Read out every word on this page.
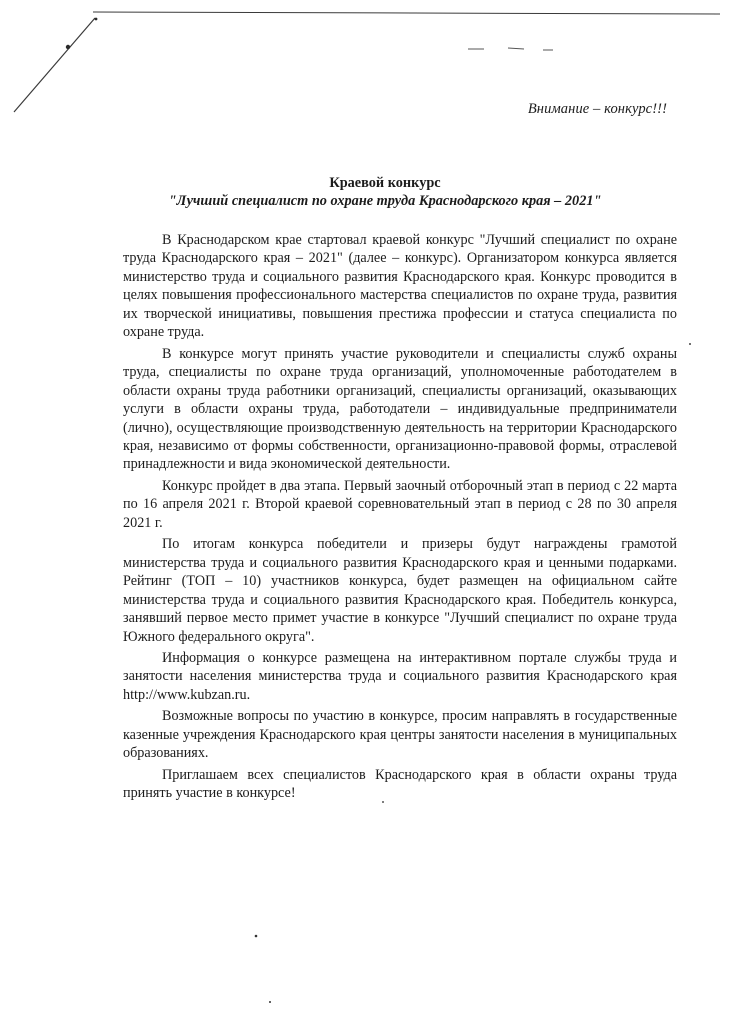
Внимание – конкурс!!!
Краевой конкурс
"Лучший специалист по охране труда Краснодарского края – 2021"

В Краснодарском крае стартовал краевой конкурс "Лучший специалист по охране труда Краснодарского края – 2021" (далее – конкурс). Организатором конкурса является министерство труда и социального развития Краснодарского края. Конкурс проводится в целях повышения профессионального мастерства специалистов по охране труда, развития их творческой инициативы, повышения престижа профессии и статуса специалиста по охране труда.

В конкурсе могут принять участие руководители и специалисты служб охраны труда, специалисты по охране труда организаций, уполномоченные работодателем в области охраны труда работники организаций, специалисты организаций, оказывающих услуги в области охраны труда, работодатели – индивидуальные предприниматели (лично), осуществляющие производственную деятельность на территории Краснодарского края, независимо от формы собственности, организационно-правовой формы, отраслевой принадлежности и вида экономической деятельности.

Конкурс пройдет в два этапа. Первый заочный отборочный этап в период с 22 марта по 16 апреля 2021 г. Второй краевой соревновательный этап в период с 28 по 30 апреля 2021 г.

По итогам конкурса победители и призеры будут награждены грамотой министерства труда и социального развития Краснодарского края и ценными подарками. Рейтинг (ТОП – 10) участников конкурса, будет размещен на официальном сайте министерства труда и социального развития Краснодарского края. Победитель конкурса, занявший первое место примет участие в конкурсе "Лучший специалист по охране труда Южного федерального округа".

Информация о конкурсе размещена на интерактивном портале службы труда и занятости населения министерства труда и социального развития Краснодарского края http://www.kubzan.ru.

Возможные вопросы по участию в конкурсе, просим направлять в государственные казенные учреждения Краснодарского края центры занятости населения в муниципальных образованиях.

Приглашаем всех специалистов Краснодарского края в области охраны труда принять участие в конкурсе!
